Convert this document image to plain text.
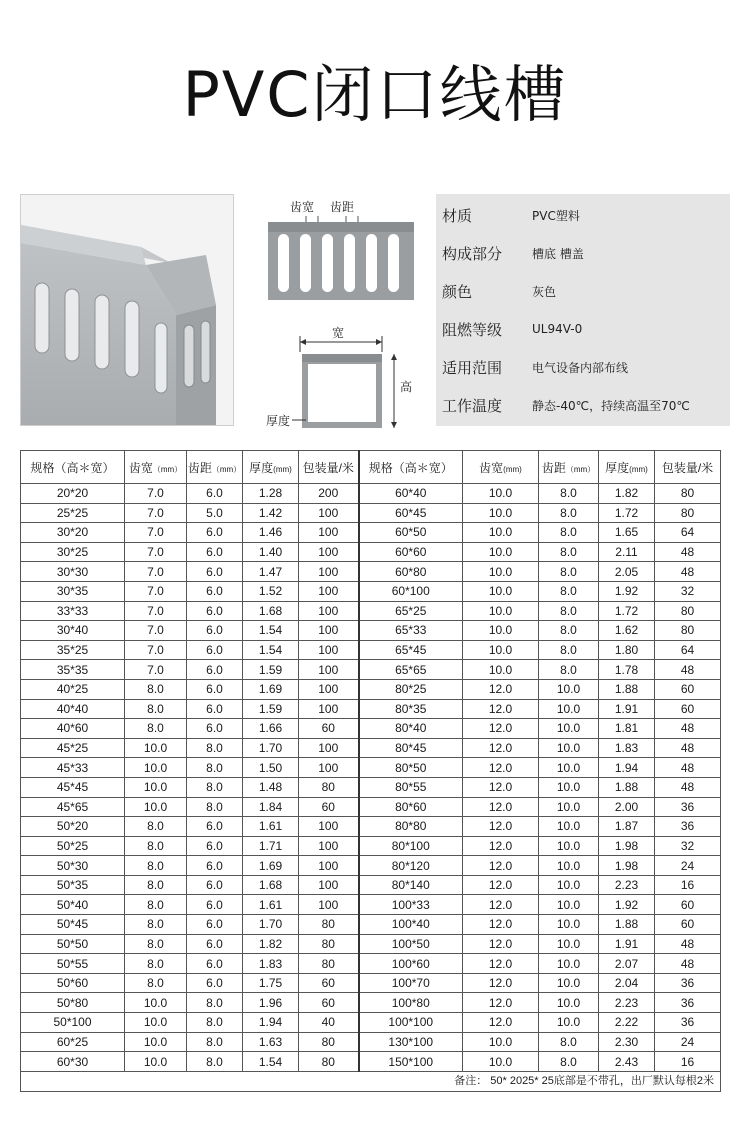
PVC闭口线槽
齿宽 齿距
宽
高
厚度
材质	PVC塑料
构成部分	槽底 槽盖
颜色	灰色
阻燃等级	UL94V-0
适用范围	电气设备内部布线
工作温度	静态-40℃，持续高温至70℃
规格（高＊宽）	齿宽（mm）	齿距（mm）	厚度(mm)	包装量/米	规格（高＊宽）	齿宽(mm)	齿距（mm）	厚度(mm)	包装量/米
20*20	7.0	6.0	1.28	200	60*40	10.0	8.0	1.82	80
25*25	7.0	5.0	1.42	100	60*45	10.0	8.0	1.72	80
30*20	7.0	6.0	1.46	100	60*50	10.0	8.0	1.65	64
30*25	7.0	6.0	1.40	100	60*60	10.0	8.0	2.11	48
30*30	7.0	6.0	1.47	100	60*80	10.0	8.0	2.05	48
30*35	7.0	6.0	1.52	100	60*100	10.0	8.0	1.92	32
33*33	7.0	6.0	1.68	100	65*25	10.0	8.0	1.72	80
30*40	7.0	6.0	1.54	100	65*33	10.0	8.0	1.62	80
35*25	7.0	6.0	1.54	100	65*45	10.0	8.0	1.80	64
35*35	7.0	6.0	1.59	100	65*65	10.0	8.0	1.78	48
40*25	8.0	6.0	1.69	100	80*25	12.0	10.0	1.88	60
40*40	8.0	6.0	1.59	100	80*35	12.0	10.0	1.91	60
40*60	8.0	6.0	1.66	60	80*40	12.0	10.0	1.81	48
45*25	10.0	8.0	1.70	100	80*45	12.0	10.0	1.83	48
45*33	10.0	8.0	1.50	100	80*50	12.0	10.0	1.94	48
45*45	10.0	8.0	1.48	80	80*55	12.0	10.0	1.88	48
45*65	10.0	8.0	1.84	60	80*60	12.0	10.0	2.00	36
50*20	8.0	6.0	1.61	100	80*80	12.0	10.0	1.87	36
50*25	8.0	6.0	1.71	100	80*100	12.0	10.0	1.98	32
50*30	8.0	6.0	1.69	100	80*120	12.0	10.0	1.98	24
50*35	8.0	6.0	1.68	100	80*140	12.0	10.0	2.23	16
50*40	8.0	6.0	1.61	100	100*33	12.0	10.0	1.92	60
50*45	8.0	6.0	1.70	80	100*40	12.0	10.0	1.88	60
50*50	8.0	6.0	1.82	80	100*50	12.0	10.0	1.91	48
50*55	8.0	6.0	1.83	80	100*60	12.0	10.0	2.07	48
50*60	8.0	6.0	1.75	60	100*70	12.0	10.0	2.04	36
50*80	10.0	8.0	1.96	60	100*80	12.0	10.0	2.23	36
50*100	10.0	8.0	1.94	40	100*100	12.0	10.0	2.22	36
60*25	10.0	8.0	1.63	80	130*100	10.0	8.0	2.30	24
60*30	10.0	8.0	1.54	80	150*100	10.0	8.0	2.43	16
备注： 50* 2025* 25底部是不带孔，出厂默认每根2米									
